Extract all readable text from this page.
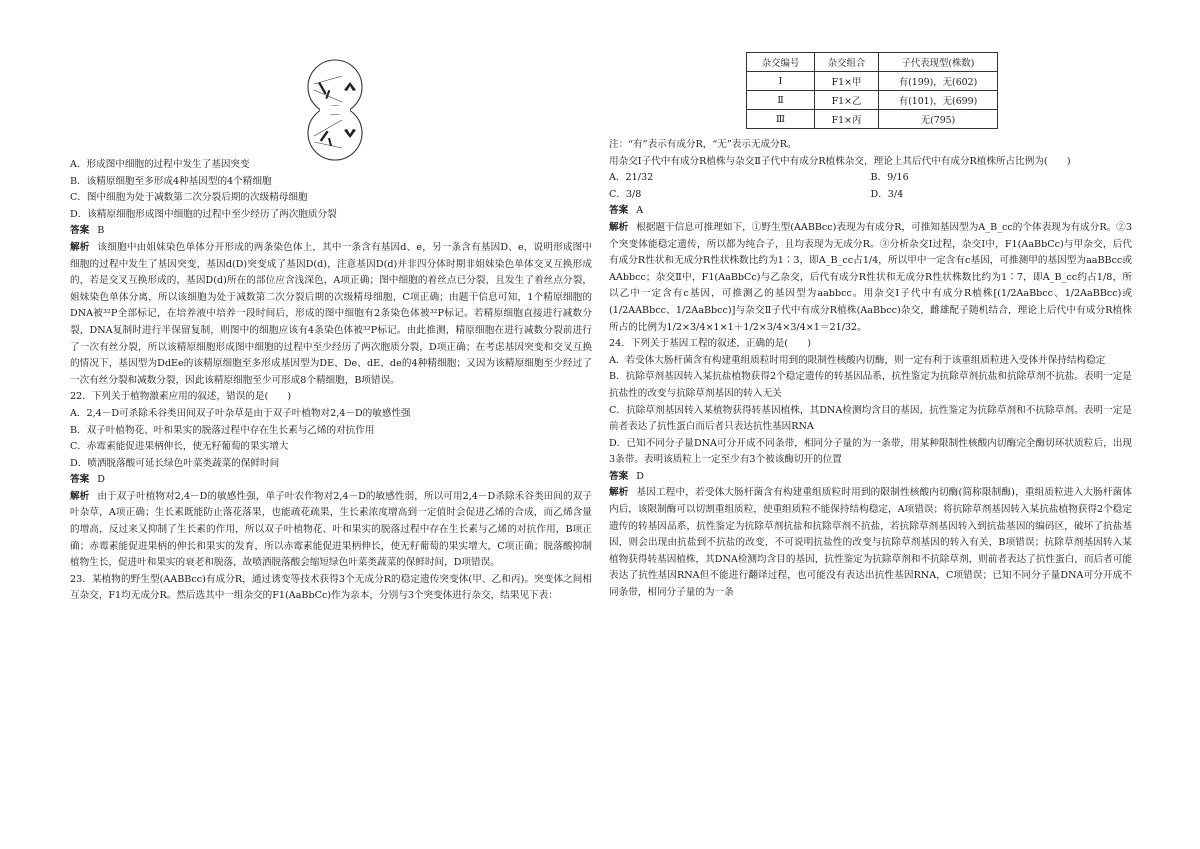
A．形成图中细胞的过程中发生了基因突变

B．该精原细胞至多形成4种基因型的4个精细胞

C．图中细胞为处于减数第二次分裂后期的次级精母细胞

D．该精原细胞形成图中细胞的过程中至少经历了两次胞质分裂

答案 B

解析 该细胞中由姐妹染色单体分开形成的两条染色体上，其中一条含有基因d、e，另一条含有基因D、e，说明形成图中细胞的过程中发生了基因突变，基因d(D)突变成了基因D(d)，注意基因D(d)并非四分体时期非姐妹染色单体交叉互换形成的，若是交叉互换形成的，基因D(d)所在的部位应含浅深色，A项正确；图中细胞的着丝点已分裂，且发生了着丝点分裂，姐妹染色单体分离，所以该细胞为处于减数第二次分裂后期的次级精母细胞，C项正确；由题干信息可知，1个精原细胞的DNA被³²P全部标记，在培养液中培养一段时间后，形成的图中细胞有2条染色体被³²P标记。若精原细胞直接进行减数分裂，DNA复制时进行半保留复制，则图中的细胞应该有4条染色体被³²P标记。由此推测，精原细胞在进行减数分裂前进行了一次有丝分裂，所以该精原细胞形成图中细胞的过程中至少经历了两次胞质分裂，D项正确；在考虑基因突变和交叉互换的情况下，基因型为DdEe的该精原细胞至多形成基因型为DE、De、dE、de的4种精细胞；又因为该精原细胞至少经过了一次有丝分裂和减数分裂，因此该精原细胞至少可形成8个精细胞，B项错误。

22．下列关于植物激素应用的叙述，错误的是(　　)

A．2,4－D可杀除禾谷类田间双子叶杂草是由于双子叶植物对2,4－D的敏感性强

B．双子叶植物花、叶和果实的脱落过程中存在生长素与乙烯的对抗作用

C．赤霉素能促进果柄伸长，使无籽葡萄的果实增大

D．喷洒脱落酸可延长绿色叶菜类蔬菜的保鲜时间

答案 D

解析 由于双子叶植物对2,4－D的敏感性强，单子叶农作物对2,4－D的敏感性弱，所以可用2,4－D杀除禾谷类田间的双子叶杂草，A项正确；生长素既能防止落花落果，也能疏花疏果，生长素浓度增高到一定值时会促进乙烯的合成，而乙烯含量的增高，反过来又抑制了生长素的作用，所以双子叶植物花、叶和果实的脱落过程中存在生长素与乙烯的对抗作用，B项正确；赤霉素能促进果柄的伸长和果实的发育，所以赤霉素能促进果柄伸长，使无籽葡萄的果实增大，C项正确；脱落酸抑制植物生长，促进叶和果实的衰老和脱落，故喷洒脱落酸会缩短绿色叶菜类蔬菜的保鲜时间，D项错误。

23．某植物的野生型(AABBcc)有成分R，通过诱变等技术获得3个无成分R的稳定遗传突变体(甲、乙和丙)。突变体之间相互杂交，F1均无成分R。然后选其中一组杂交的F1(AaBbCc)作为亲本，分别与3个突变体进行杂交，结果见下表：

杂交编号	杂交组合	子代表现型(株数)
Ⅰ	F1×甲	有(199)，无(602)
Ⅱ	F1×乙	有(101)，无(699)
Ⅲ	F1×丙	无(795)

注：“有”表示有成分R，“无”表示无成分R。

用杂交Ⅰ子代中有成分R植株与杂交Ⅱ子代中有成分R植株杂交，理论上其后代中有成分R植株所占比例为(　　)

A．21/32	B．9/16
C．3/8	D．3/4

答案 A

解析 根据题干信息可推理如下，①野生型(AABBcc)表现为有成分R，可推知基因型为A_B_cc的个体表现为有成分R。②3个突变体能稳定遗传，所以都为纯合子，且均表现为无成分R。③分析杂交Ⅰ过程，杂交Ⅰ中，F1(AaBbCc)与甲杂交，后代有成分R性状和无成分R性状株数比约为1∶3，即A_B_cc占1/4，所以甲中一定含有c基因，可推测甲的基因型为aaBBcc或AAbbcc；杂交Ⅱ中，F1(AaBbCc)与乙杂交，后代有成分R性状和无成分R性状株数比约为1∶7，即A_B_cc约占1/8，所以乙中一定含有c基因，可推测乙的基因型为aabbcc。用杂交Ⅰ子代中有成分R植株[(1/2AaBbcc、1/2AaBBcc)或(1/2AABbcc、1/2AaBbcc)]与杂交Ⅱ子代中有成分R植株(AaBbcc)杂交，雌雄配子随机结合，理论上后代中有成分R植株所占的比例为1/2×3/4×1×1＋1/2×3/4×3/4×1＝21/32。

24．下列关于基因工程的叙述，正确的是(　　)

A．若受体大肠杆菌含有构建重组质粒时用到的限制性核酸内切酶，则一定有利于该重组质粒进入受体并保持结构稳定

B．抗除草剂基因转入某抗盐植物获得2个稳定遗传的转基因品系，抗性鉴定为抗除草剂抗盐和抗除草剂不抗盐。表明一定是抗盐性的改变与抗除草剂基因的转入无关

C．抗除草剂基因转入某植物获得转基因植株，其DNA检测均含目的基因，抗性鉴定为抗除草剂和不抗除草剂。表明一定是前者表达了抗性蛋白而后者只表达抗性基因RNA

D．已知不同分子量DNA可分开成不同条带，相同分子量的为一条带，用某种限制性核酸内切酶完全酶切环状质粒后，出现3条带。表明该质粒上一定至少有3个被该酶切开的位置

答案 D

解析 基因工程中，若受体大肠杆菌含有构建重组质粒时用到的限制性核酸内切酶(简称限制酶)，重组质粒进入大肠杆菌体内后，该限制酶可以切割重组质粒，使重组质粒不能保持结构稳定，A项错误；将抗除草剂基因转入某抗盐植物获得2个稳定遗传的转基因品系，抗性鉴定为抗除草剂抗盐和抗除草剂不抗盐，若抗除草剂基因转入到抗盐基因的编码区，破坏了抗盐基因，则会出现由抗盐到不抗盐的改变，不可说明抗盐性的改变与抗除草剂基因的转入有关，B项错误；抗除草剂基因转入某植物获得转基因植株，其DNA检测均含目的基因，抗性鉴定为抗除草剂和不抗除草剂，则前者表达了抗性蛋白，而后者可能表达了抗性基因RNA但不能进行翻译过程，也可能没有表达出抗性基因RNA，C项错误；已知不同分子量DNA可分开成不同条带，相同分子量的为一条
